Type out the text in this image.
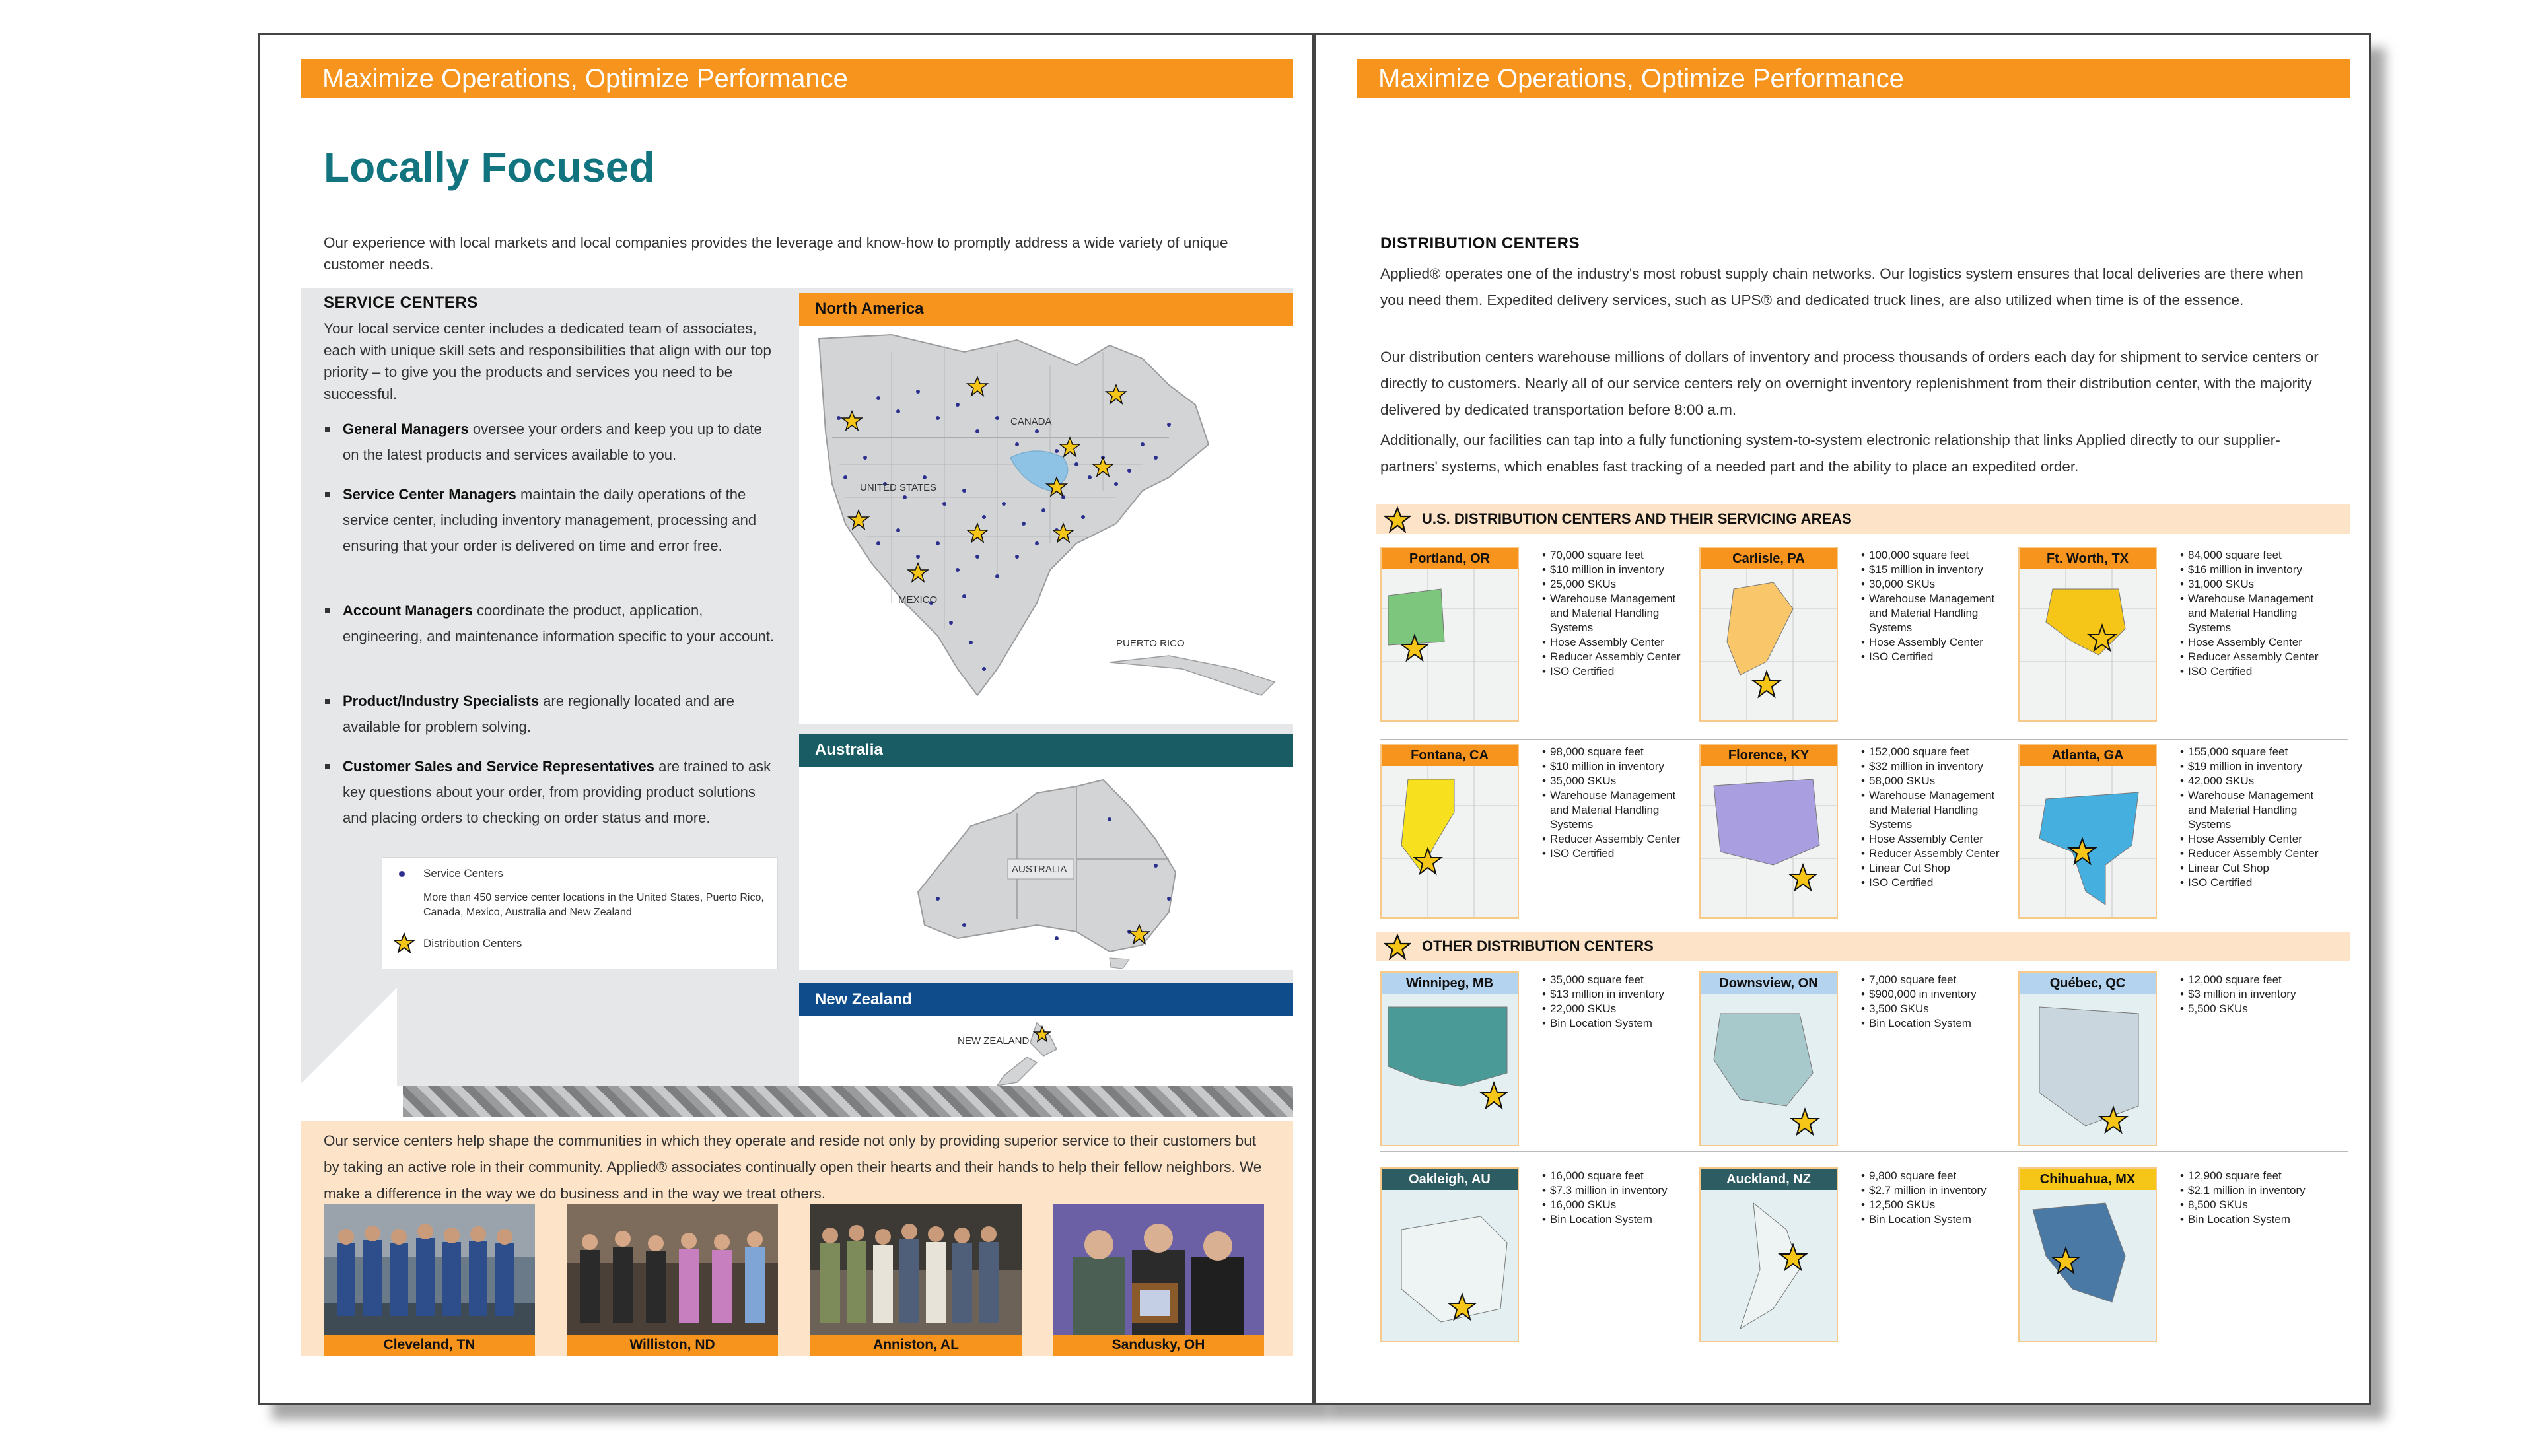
Maximize Operations, Optimize Performance
Locally Focused
Our experience with local markets and local companies provides the leverage and know-how to promptly address a wide variety of unique customer needs.
SERVICE CENTERS
Your local service center includes a dedicated team of associates, each with unique skill sets and responsibilities that align with our top priority – to give you the products and services you need to be successful.
General Managers oversee your orders and keep you up to date on the latest products and services available to you.
Service Center Managers maintain the daily operations of the service center, including inventory management, processing and ensuring that your order is delivered on time and error free.
Account Managers coordinate the product, application, engineering, and maintenance information specific to your account.
Product/Industry Specialists are regionally located and are available for problem solving.
Customer Sales and Service Representatives are trained to ask key questions about your order, from providing product solutions and placing orders to checking on order status and more.
Service Centers
More than 450 service center locations in the United States, Puerto Rico, Canada, Mexico, Australia and New Zealand
Distribution Centers
North America
CANADA
UNITED STATES
MEXICO
PUERTO RICO
Australia
AUSTRALIA
New Zealand
NEW ZEALAND
Our service centers help shape the communities in which they operate and reside not only by providing superior service to their customers but by taking an active role in their community. Applied® associates continually open their hearts and their hands to help their fellow neighbors. We make a difference in the way we do business and in the way we treat others.
Cleveland, TN	Williston, ND	Anniston, AL	Sandusky, OH
Maximize Operations, Optimize Performance
DISTRIBUTION CENTERS
Applied® operates one of the industry's most robust supply chain networks. Our logistics system ensures that local deliveries are there when you need them. Expedited delivery services, such as UPS® and dedicated truck lines, are also utilized when time is of the essence.
Our distribution centers warehouse millions of dollars of inventory and process thousands of orders each day for shipment to service centers or directly to customers. Nearly all of our service centers rely on overnight inventory replenishment from their distribution center, with the majority delivered by dedicated transportation before 8:00 a.m.
Additionally, our facilities can tap into a fully functioning system-to-system electronic relationship that links Applied directly to our supplier-partners' systems, which enables fast tracking of a needed part and the ability to place an expedited order.
U.S. DISTRIBUTION CENTERS AND THEIR SERVICING AREAS
OTHER DISTRIBUTION CENTERS
Portland, OR	• 70,000 square feet
• $10 million in inventory
• 25,000 SKUs
• Warehouse Management and Material Handling Systems
• Hose Assembly Center
• Reducer Assembly Center
• ISO Certified
Carlisle, PA	• 100,000 square feet
• $15 million in inventory
• 30,000 SKUs
• Warehouse Management and Material Handling Systems
• Hose Assembly Center
• ISO Certified
Ft. Worth, TX	• 84,000 square feet
• $16 million in inventory
• 31,000 SKUs
• Warehouse Management and Material Handling Systems
• Hose Assembly Center
• Reducer Assembly Center
• ISO Certified
Fontana, CA	• 98,000 square feet
• $10 million in inventory
• 35,000 SKUs
• Warehouse Management and Material Handling Systems
• Reducer Assembly Center
• ISO Certified
Florence, KY	• 152,000 square feet
• $32 million in inventory
• 58,000 SKUs
• Warehouse Management and Material Handling Systems
• Hose Assembly Center
• Reducer Assembly Center
• Linear Cut Shop
• ISO Certified
Atlanta, GA	• 155,000 square feet
• $19 million in inventory
• 42,000 SKUs
• Warehouse Management and Material Handling Systems
• Hose Assembly Center
• Reducer Assembly Center
• Linear Cut Shop
• ISO Certified
Winnipeg, MB	• 35,000 square feet
• $13 million in inventory
• 22,000 SKUs
• Bin Location System
Downsview, ON	• 7,000 square feet
• $900,000 in inventory
• 3,500 SKUs
• Bin Location System
Québec, QC	• 12,000 square feet
• $3 million in inventory
• 5,500 SKUs
Oakleigh, AU	• 16,000 square feet
• $7.3 million in inventory
• 16,000 SKUs
• Bin Location System
Auckland, NZ	• 9,800 square feet
• $2.7 million in inventory
• 12,500 SKUs
• Bin Location System
Chihuahua, MX	• 12,900 square feet
• $2.1 million in inventory
• 8,500 SKUs
• Bin Location System
